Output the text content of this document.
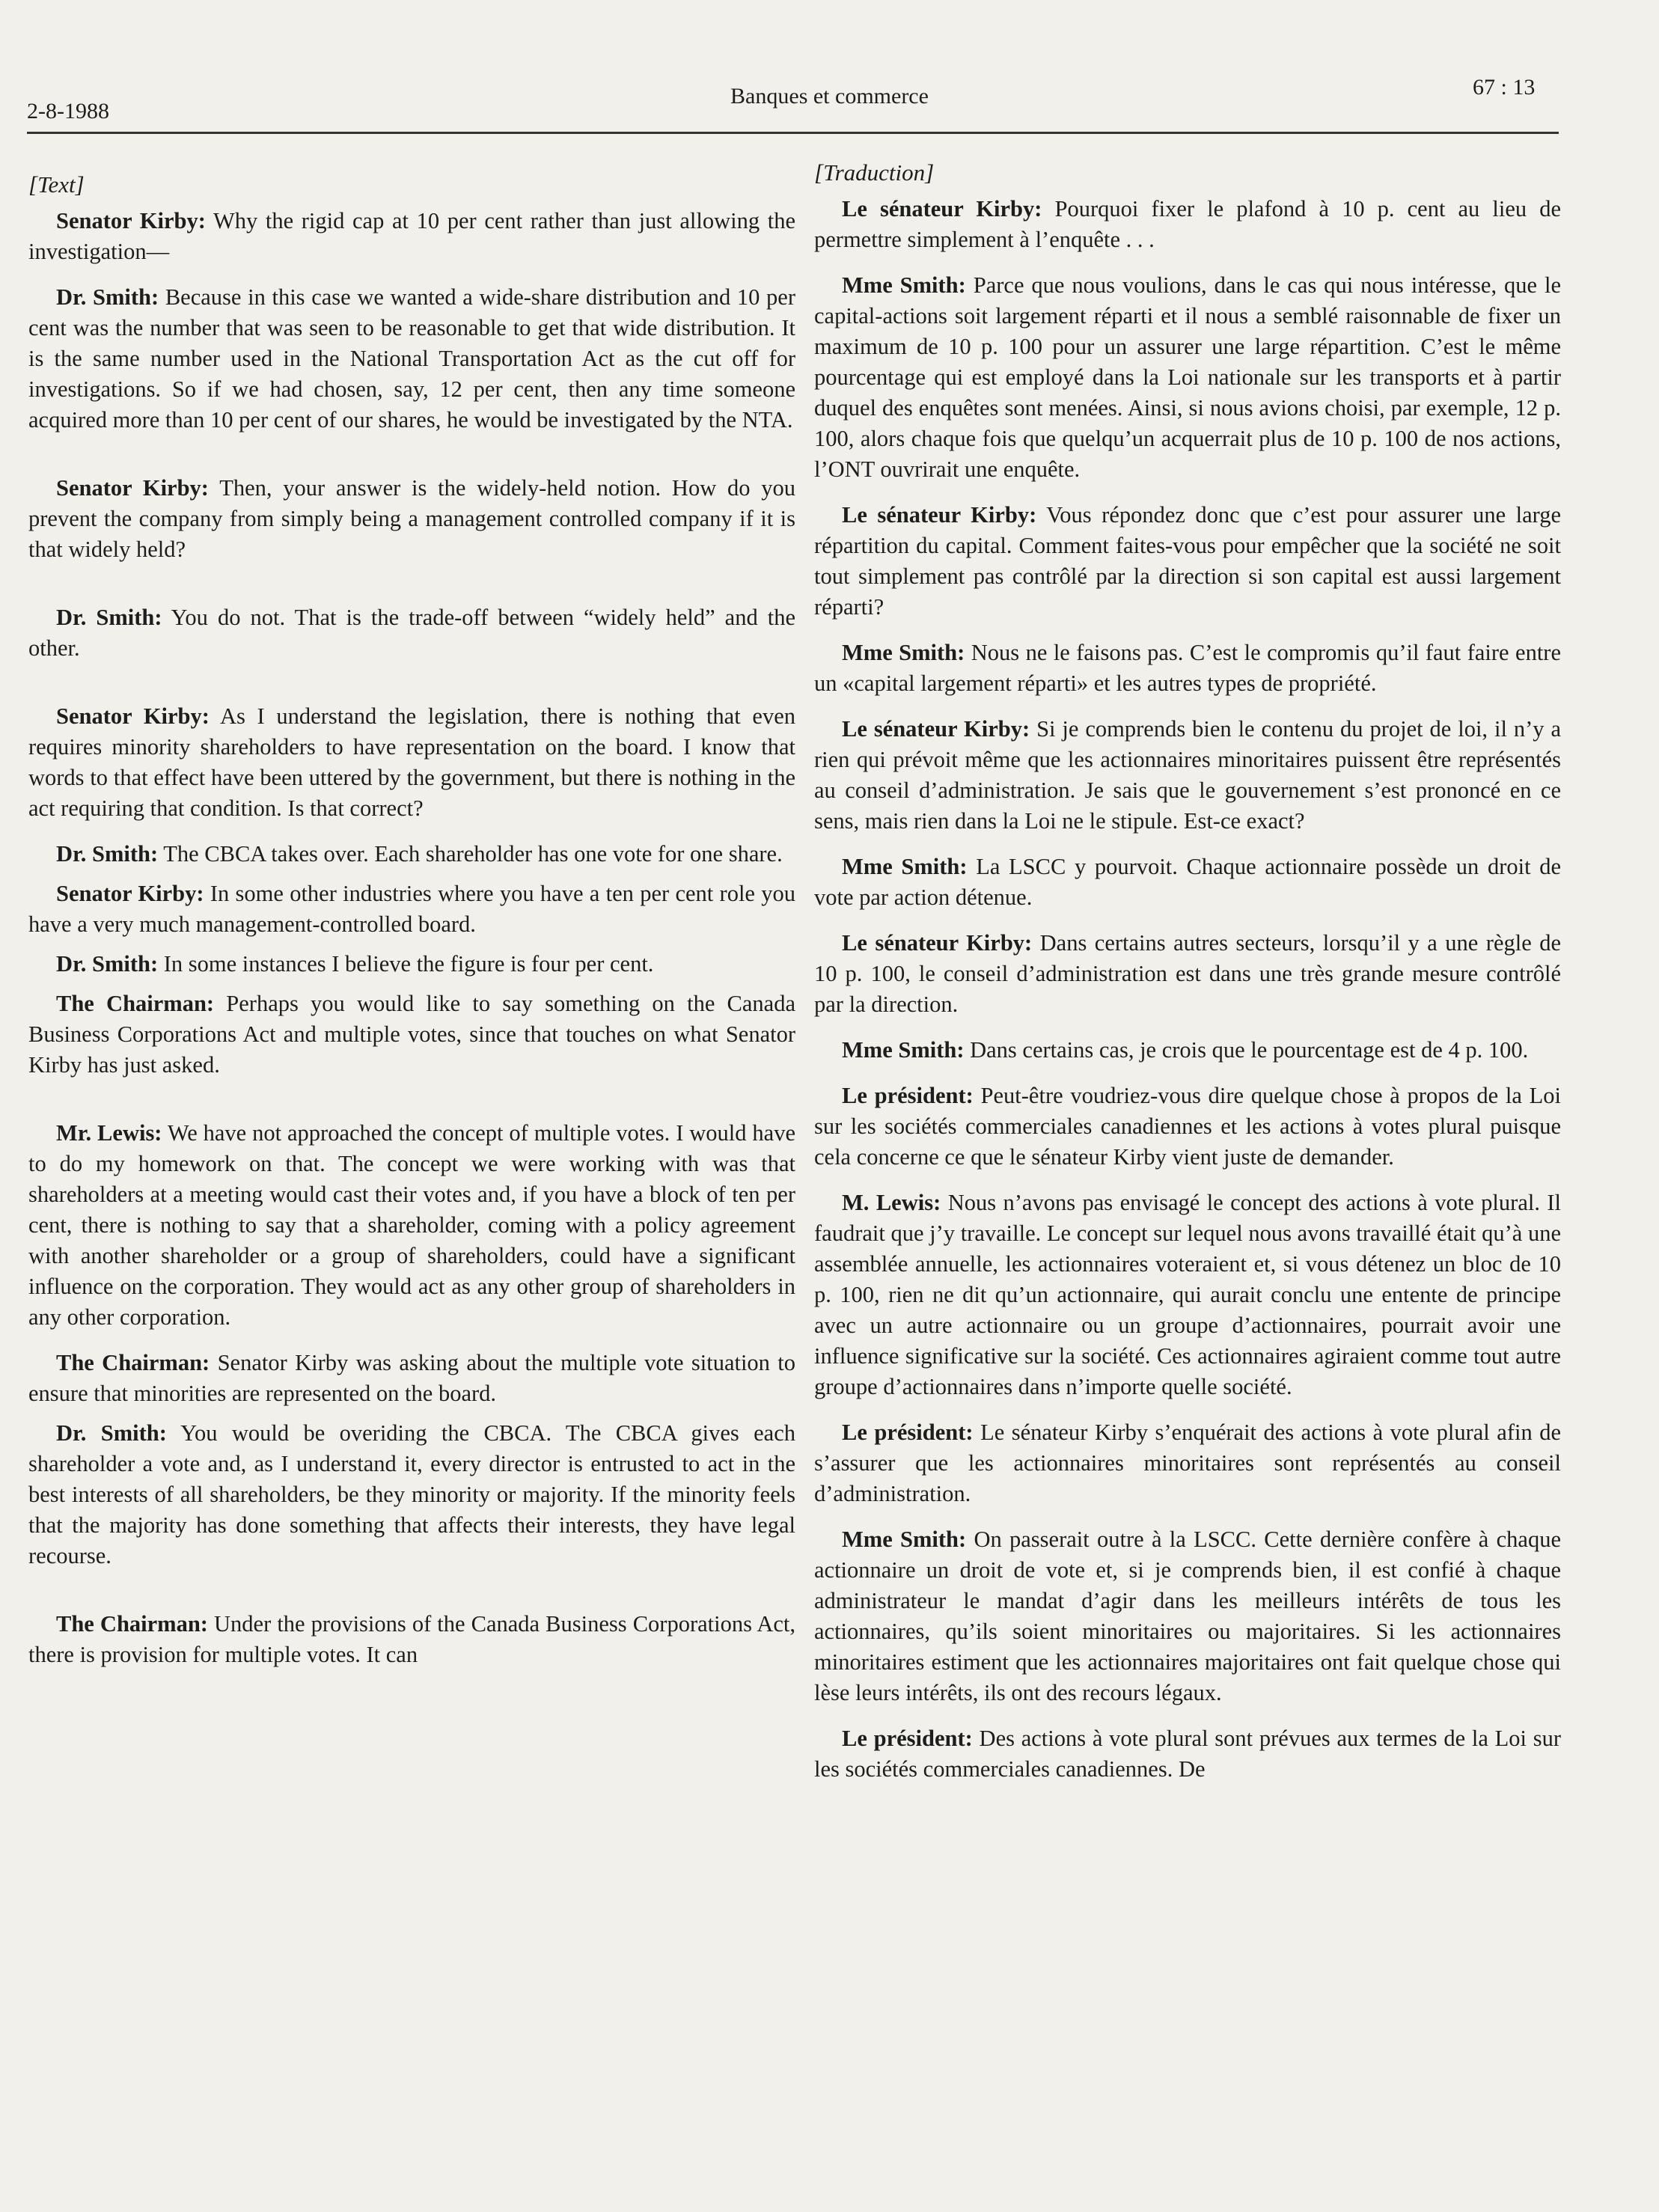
2-8-1988
Banques et commerce	67 : 13
[Text]

Senator Kirby: Why the rigid cap at 10 per cent rather than just allowing the investigation—

Dr. Smith: Because in this case we wanted a wide-share distribution and 10 per cent was the number that was seen to be reasonable to get that wide distribution. It is the same number used in the National Transportation Act as the cut off for investigations. So if we had chosen, say, 12 per cent, then any time someone acquired more than 10 per cent of our shares, he would be investigated by the NTA.

Senator Kirby: Then, your answer is the widely-held notion. How do you prevent the company from simply being a management controlled company if it is that widely held?

Dr. Smith: You do not. That is the trade-off between “widely held” and the other.

Senator Kirby: As I understand the legislation, there is nothing that even requires minority shareholders to have representation on the board. I know that words to that effect have been uttered by the government, but there is nothing in the act requiring that condition. Is that correct?

Dr. Smith: The CBCA takes over. Each shareholder has one vote for one share.

Senator Kirby: In some other industries where you have a ten per cent role you have a very much management-controlled board.

Dr. Smith: In some instances I believe the figure is four per cent.

The Chairman: Perhaps you would like to say something on the Canada Business Corporations Act and multiple votes, since that touches on what Senator Kirby has just asked.

Mr. Lewis: We have not approached the concept of multiple votes. I would have to do my homework on that. The concept we were working with was that shareholders at a meeting would cast their votes and, if you have a block of ten per cent, there is nothing to say that a shareholder, coming with a policy agreement with another shareholder or a group of shareholders, could have a significant influence on the corporation. They would act as any other group of shareholders in any other corporation.

The Chairman: Senator Kirby was asking about the multiple vote situation to ensure that minorities are represented on the board.

Dr. Smith: You would be overiding the CBCA. The CBCA gives each shareholder a vote and, as I understand it, every director is entrusted to act in the best interests of all shareholders, be they minority or majority. If the minority feels that the majority has done something that affects their interests, they have legal recourse.

The Chairman: Under the provisions of the Canada Business Corporations Act, there is provision for multiple votes. It can

[Traduction]

Le sénateur Kirby: Pourquoi fixer le plafond à 10 p. cent au lieu de permettre simplement à l’enquête . . .

Mme Smith: Parce que nous voulions, dans le cas qui nous intéresse, que le capital-actions soit largement réparti et il nous a semblé raisonnable de fixer un maximum de 10 p. 100 pour un assurer une large répartition. C’est le même pourcentage qui est employé dans la Loi nationale sur les transports et à partir duquel des enquêtes sont menées. Ainsi, si nous avions choisi, par exemple, 12 p. 100, alors chaque fois que quelqu’un acquerrait plus de 10 p. 100 de nos actions, l’ONT ouvrirait une enquête.

Le sénateur Kirby: Vous répondez donc que c’est pour assurer une large répartition du capital. Comment faites-vous pour empêcher que la société ne soit tout simplement pas contrôlé par la direction si son capital est aussi largement réparti?

Mme Smith: Nous ne le faisons pas. C’est le compromis qu’il faut faire entre un «capital largement réparti» et les autres types de propriété.

Le sénateur Kirby: Si je comprends bien le contenu du projet de loi, il n’y a rien qui prévoit même que les actionnaires minoritaires puissent être représentés au conseil d’administration. Je sais que le gouvernement s’est prononcé en ce sens, mais rien dans la Loi ne le stipule. Est-ce exact?

Mme Smith: La LSCC y pourvoit. Chaque actionnaire possède un droit de vote par action détenue.

Le sénateur Kirby: Dans certains autres secteurs, lorsqu’il y a une règle de 10 p. 100, le conseil d’administration est dans une très grande mesure contrôlé par la direction.

Mme Smith: Dans certains cas, je crois que le pourcentage est de 4 p. 100.

Le président: Peut-être voudriez-vous dire quelque chose à propos de la Loi sur les sociétés commerciales canadiennes et les actions à votes plural puisque cela concerne ce que le sénateur Kirby vient juste de demander.

M. Lewis: Nous n’avons pas envisagé le concept des actions à vote plural. Il faudrait que j’y travaille. Le concept sur lequel nous avons travaillé était qu’à une assemblée annuelle, les actionnaires voteraient et, si vous détenez un bloc de 10 p. 100, rien ne dit qu’un actionnaire, qui aurait conclu une entente de principe avec un autre actionnaire ou un groupe d’actionnaires, pourrait avoir une influence significative sur la société. Ces actionnaires agiraient comme tout autre groupe d’actionnaires dans n’importe quelle société.

Le président: Le sénateur Kirby s’enquérait des actions à vote plural afin de s’assurer que les actionnaires minoritaires sont représentés au conseil d’administration.

Mme Smith: On passerait outre à la LSCC. Cette dernière confère à chaque actionnaire un droit de vote et, si je comprends bien, il est confié à chaque administrateur le mandat d’agir dans les meilleurs intérêts de tous les actionnaires, qu’ils soient minoritaires ou majoritaires. Si les actionnaires minoritaires estiment que les actionnaires majoritaires ont fait quelque chose qui lèse leurs intérêts, ils ont des recours légaux.

Le président: Des actions à vote plural sont prévues aux termes de la Loi sur les sociétés commerciales canadiennes. De
